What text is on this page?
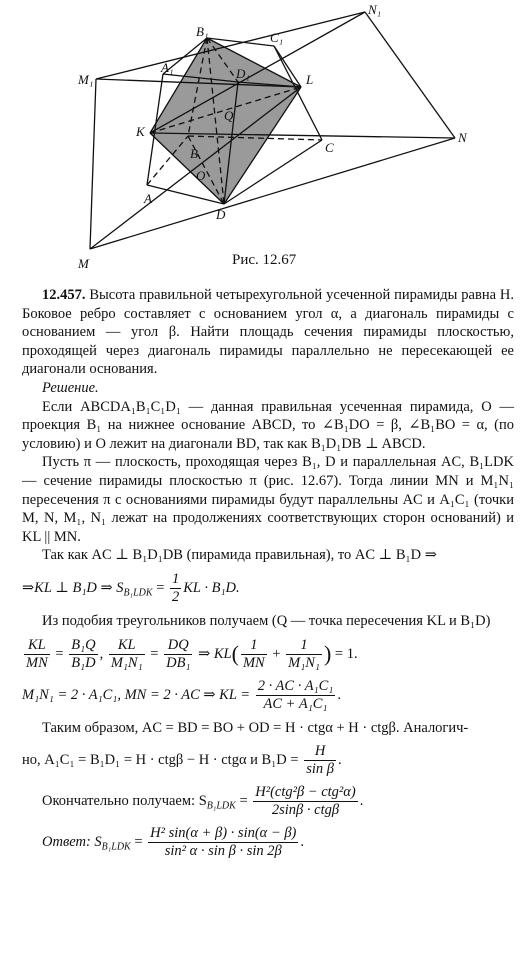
N₁
B₁	C₁
M₁
A₁	D₁	L
Q
K	N
B	C
O
A
D
M	Рис. 12.67

12.457. Высота правильной четырехугольной усеченной пирамиды равна H. Боковое ребро составляет с основанием угол α, а диагональ пирамиды с основанием — угол β. Найти площадь сечения пирамиды плоскостью, проходящей через диагональ пирамиды параллельно не пересекающей ее диагонали основания.

Решение.

Если ABCDA₁B₁C₁D₁ — данная правильная усеченная пирамида, O — проекция B₁ на нижнее основание ABCD, то ∠B₁DO = β, ∠B₁BO = α, (по условию) и O лежит на диагонали BD, так как B₁D₁DB ⊥ ABCD.

Пусть π — плоскость, проходящая через B₁, D и параллельная AC, B₁LDK — сечение пирамиды плоскостью π (рис. 12.67). Тогда линии MN и M₁N₁ пересечения π с основаниями пирамиды будут параллельны AC и A₁C₁ (точки M, N, M₁, N₁ лежат на продолжениях соответствующих сторон оснований) и KL || MN.

Так как AC ⊥ B₁D₁DB (пирамида правильная), то AC ⊥ B₁D ⇒

⇒KL ⊥ B₁D ⇒ $S_{B_1LDK} = \frac{1}{2}$ KL · B₁D.

Из подобия треугольников получаем (Q — точка пересечения KL и B₁D)

$\frac{KL}{MN} = \frac{\text{B₁Q}}{\text{B₁D}}$ , $\frac{KL}{\text{M₁N₁}} = \frac{DQ}{\text{DB₁}}$ ⇒ $KL( \frac{1}{MN} + \frac{1}{\text{M₁N₁}}$ ) = 1.
M₁N₁ = 2 · A₁C₁, MN = 2 · AC ⇒ KL = $\frac{\text{2 · AC · A₁C₁}}{\text{AC + A₁C₁}}$ .

Таким образом, AC = BD = BO + OD = H · ctgα + H · ctgβ. Аналогич-

но, A₁C₁ = B₁D₁ = H · ctgβ − H · ctgα и $B_1D = \frac{H}{\text{sin β}}$ .
Окончательно получаем: $S_{B_1LDK} = \frac{\text{H²(ctg²β − ctg²α)}}{\text{2sinβ · ctgβ}}$ .
Ответ: $S_{B_1LDK} = \frac{\text{H² sin(α + β) · sin(α − β)}}{\text{sin² α · sin β · sin 2β}}$ .
